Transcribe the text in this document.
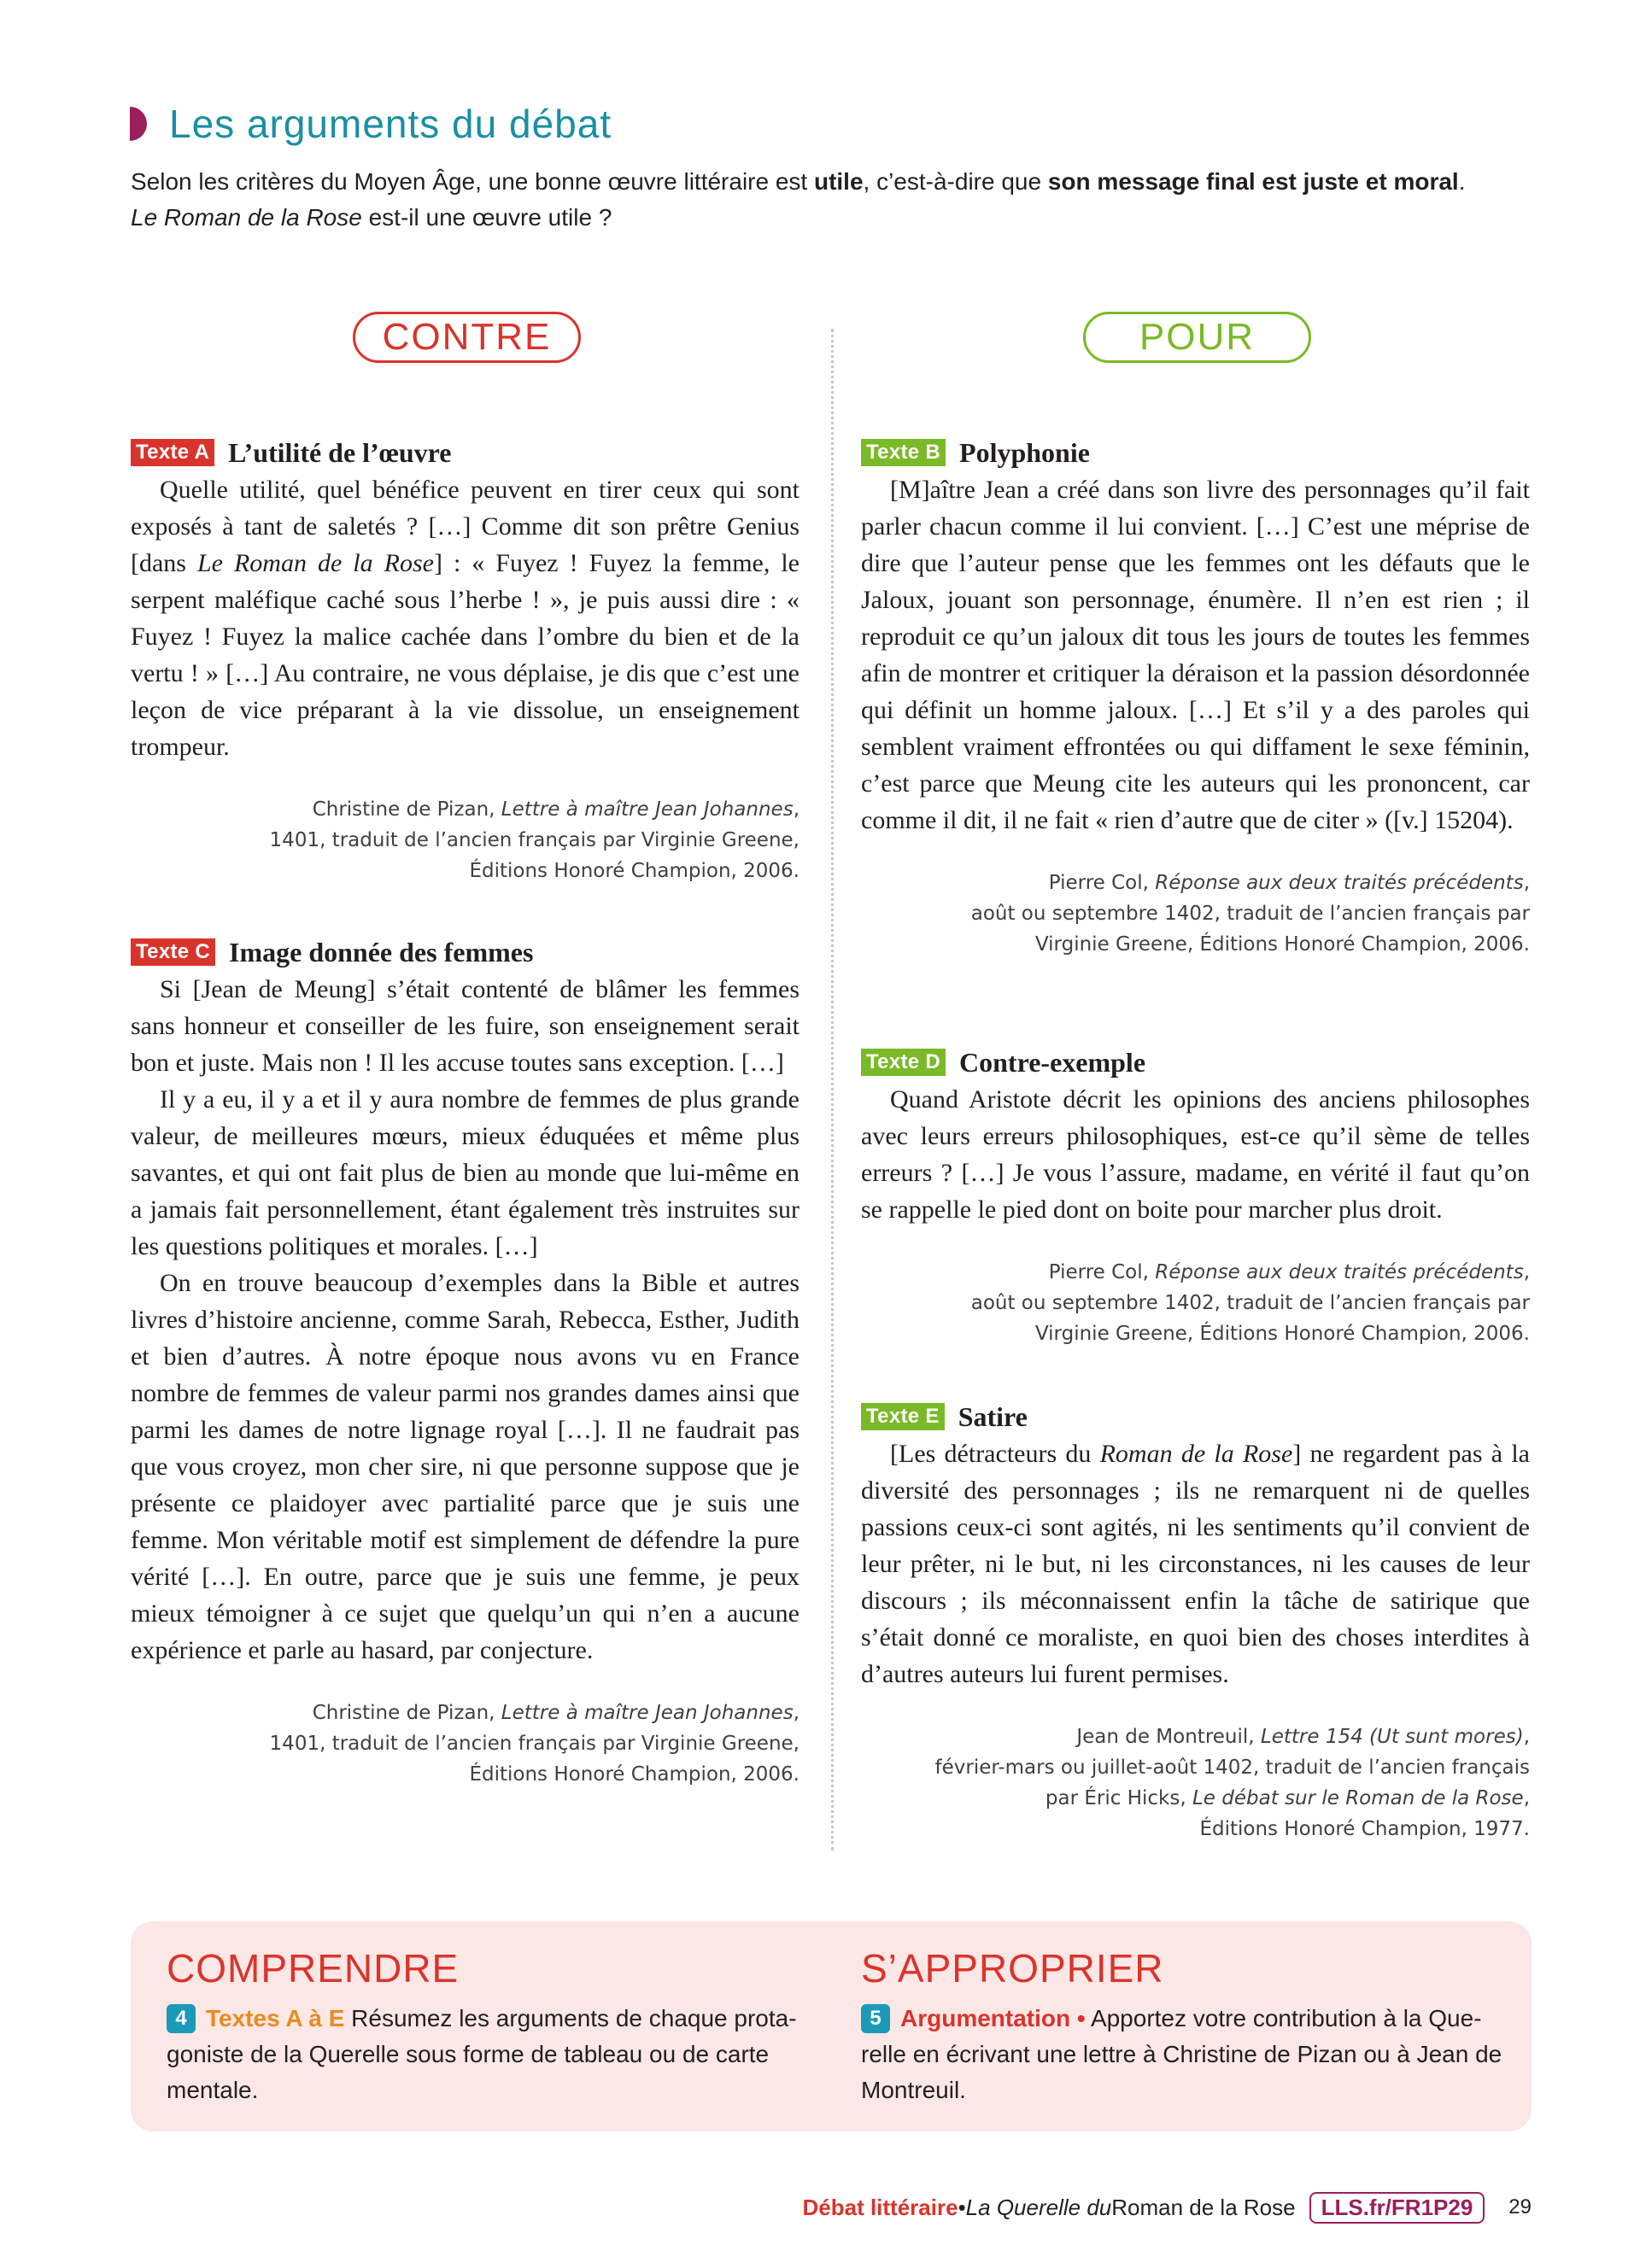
Les arguments du débat
Selon les critères du Moyen Âge, une bonne œuvre littéraire est utile, c’est-à-dire que son message final est juste et moral.
Le Roman de la Rose est-il une œuvre utile ?
CONTRE	POUR
Texte A L’utilité de l’œuvre

Quelle utilité, quel bénéfice peuvent en tirer ceux qui sont exposés à tant de saletés ? […] Comme dit son prêtre Genius [dans Le Roman de la Rose] : « Fuyez ! Fuyez la femme, le serpent maléfique caché sous l’herbe ! », je puis aussi dire : « Fuyez ! Fuyez la malice cachée dans l’ombre du bien et de la vertu ! » […] Au contraire, ne vous déplaise, je dis que c’est une leçon de vice préparant à la vie dissolue, un enseignement trompeur.

Christine de Pizan, Lettre à maître Jean Johannes,
1401, traduit de l’ancien français par Virginie Greene,
Éditions Honoré Champion, 2006.
Texte C Image donnée des femmes

Si [Jean de Meung] s’était contenté de blâmer les femmes sans honneur et conseiller de les fuire, son enseignement serait bon et juste. Mais non ! Il les accuse toutes sans exception. […]

Il y a eu, il y a et il y aura nombre de femmes de plus grande valeur, de meilleures mœurs, mieux éduquées et même plus savantes, et qui ont fait plus de bien au monde que lui-même en a jamais fait personnellement, étant également très instruites sur les questions politiques et morales. […]

On en trouve beaucoup d’exemples dans la Bible et autres livres d’histoire ancienne, comme Sarah, Rebecca, Esther, Judith et bien d’autres. À notre époque nous avons vu en France nombre de femmes de valeur parmi nos grandes dames ainsi que parmi les dames de notre lignage royal […]. Il ne faudrait pas que vous croyez, mon cher sire, ni que personne suppose que je présente ce plaidoyer avec partialité parce que je suis une femme. Mon véritable motif est simplement de défendre la pure vérité […]. En outre, parce que je suis une femme, je peux mieux témoigner à ce sujet que quelqu’un qui n’en a aucune expérience et parle au hasard, par conjecture.

Christine de Pizan, Lettre à maître Jean Johannes,
1401, traduit de l’ancien français par Virginie Greene,
Éditions Honoré Champion, 2006.
Texte B Polyphonie

[M]aître Jean a créé dans son livre des personnages qu’il fait parler chacun comme il lui convient. […] C’est une méprise de dire que l’auteur pense que les femmes ont les défauts que le Jaloux, jouant son personnage, énumère. Il n’en est rien ; il reproduit ce qu’un jaloux dit tous les jours de toutes les femmes afin de montrer et critiquer la déraison et la passion désordonnée qui définit un homme jaloux. […] Et s’il y a des paroles qui semblent vraiment effrontées ou qui diffament le sexe féminin, c’est parce que Meung cite les auteurs qui les prononcent, car comme il dit, il ne fait « rien d’autre que de citer » ([v.] 15204).

Pierre Col, Réponse aux deux traités précédents,
août ou septembre 1402, traduit de l’ancien français par
Virginie Greene, Éditions Honoré Champion, 2006.
Texte D Contre-exemple

Quand Aristote décrit les opinions des anciens philosophes avec leurs erreurs philosophiques, est-ce qu’il sème de telles erreurs ? […] Je vous l’assure, madame, en vérité il faut qu’on se rappelle le pied dont on boite pour marcher plus droit.

Pierre Col, Réponse aux deux traités précédents,
août ou septembre 1402, traduit de l’ancien français par
Virginie Greene, Éditions Honoré Champion, 2006.
Texte E Satire

[Les détracteurs du Roman de la Rose] ne regardent pas à la diversité des personnages ; ils ne remarquent ni de quelles passions ceux-ci sont agités, ni les sentiments qu’il convient de leur prêter, ni le but, ni les circonstances, ni les causes de leur discours ; ils méconnaissent enfin la tâche de satirique que s’était donné ce moraliste, en quoi bien des choses interdites à d’autres auteurs lui furent permises.

Jean de Montreuil, Lettre 154 (Ut sunt mores),
février-mars ou juillet-août 1402, traduit de l’ancien français
par Éric Hicks, Le débat sur le Roman de la Rose,
Éditions Honoré Champion, 1977.
COMPRENDRE
4 Textes A à E Résumez les arguments de chaque protagoniste de la Querelle sous forme de tableau ou de carte mentale.
S’APPROPRIER
5 Argumentation • Apportez votre contribution à la Querelle en écrivant une lettre à Christine de Pizan ou à Jean de Montreuil.
Débat littéraire • La Querelle du Roman de la Rose	LLS.fr/FR1P29	29
